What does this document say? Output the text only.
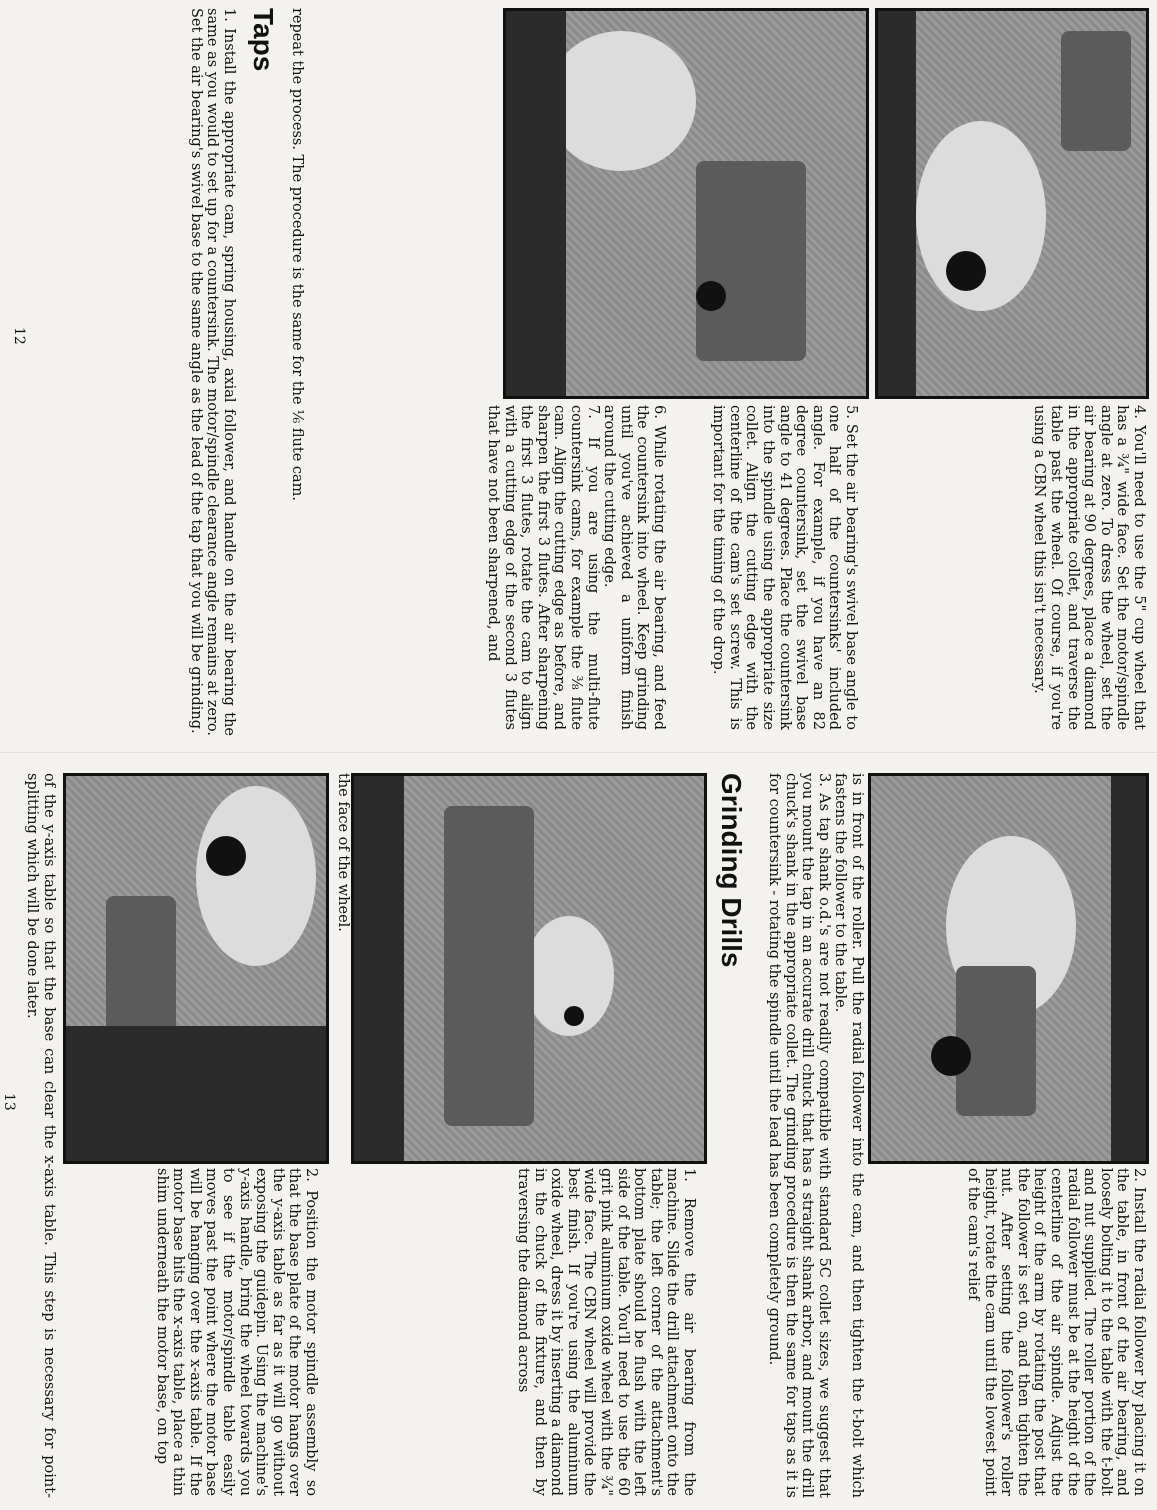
4. You'll need to use the 5" cup wheel that has a ¾" wide face. Set the motor/spindle angle at zero. To dress the wheel, set the air bearing at 90 degrees, place a diamond in the appropriate collet, and traverse the table past the wheel. Of course, if you're using a CBN wheel this isn't necessary.

5. Set the air bearing's swivel base angle to one half of the countersinks' included angle. For example, if you have an 82 degree countersink, set the swivel base angle to 41 degrees. Place the countersink into the spindle using the appropriate size collet. Align the cutting edge with the centerline of the cam's set screw. This is important for the timing of the drop.

6. While rotating the air bearing, and feed the countersink into wheel. Keep grinding until you've achieved a uniform finish around the cutting edge.

7. If you are using the multi-flute countersink cams, for example the ⅜ flute cam. Align the cutting edge as before, and sharpen the first 3 flutes. After sharpening the first 3 flutes, rotate the cam to align with a cutting edge of the second 3 flutes that have not been sharpened, and

repeat the process. The procedure is the same for the ⅙ flute cam.

Taps

1. Install the appropriate cam, spring housing, axial follower, and handle on the air bearing the same as you would to set up for a countersink. The motor/spindle clearance angle remains at zero. Set the air bearing's swivel base to the same angle as the lead of the tap that you will be grinding.

12

2. Install the radial follower by placing it on the table, in front of the air bearing, and loosely bolting it to the table with the t-bolt and nut supplied. The roller portion of the radial follower must be at the height of the centerline of the air spindle. Adjust the height of the arm by rotating the post that the follower is set on, and then tighten the nut. After setting the follower's roller height, rotate the cam until the lowest point of the cam's relief

is in front of the roller. Pull the radial follower into the cam, and then tighten the t-bolt which fastens the follower to the table.

3. As tap shank o.d.'s are not readily compatible with standard 5C collet sizes, we suggest that you mount the tap in an accurate drill chuck that has a straight shank arbor, and mount the drill chuck's shank in the appropriate collet. The grinding procedure is then the same for taps as it is for countersink - rotating the spindle until the lead has been completely ground.

Grinding Drills

1. Remove the air bearing from the machine. Slide the drill attachment onto the table; the left corner of the attachment's bottom plate should be flush with the left side of the table. You'll need to use the 60 grit pink aluminum oxide wheel with the ¾" wide face. The CBN wheel will provide the best finish. If you're using the aluminum oxide wheel, dress it by inserting a diamond in the chuck of the fixture, and then by traversing the diamond across

the face of the wheel.

2. Position the motor spindle assembly so that the base plate of the motor hangs over the y-axis table as far as it will go without exposing the guidepin. Using the machine's y-axis handle, bring the wheel towards you to see if the motor/spindle table easily moves past the point where the motor base will be hanging over the x-axis table. If the motor base hits the x-axis table, place a thin shim underneath the motor base, on top

of the y-axis table so that the base can clear the x-axis table. This step is necessary for point-splitting which will be done later.

13
